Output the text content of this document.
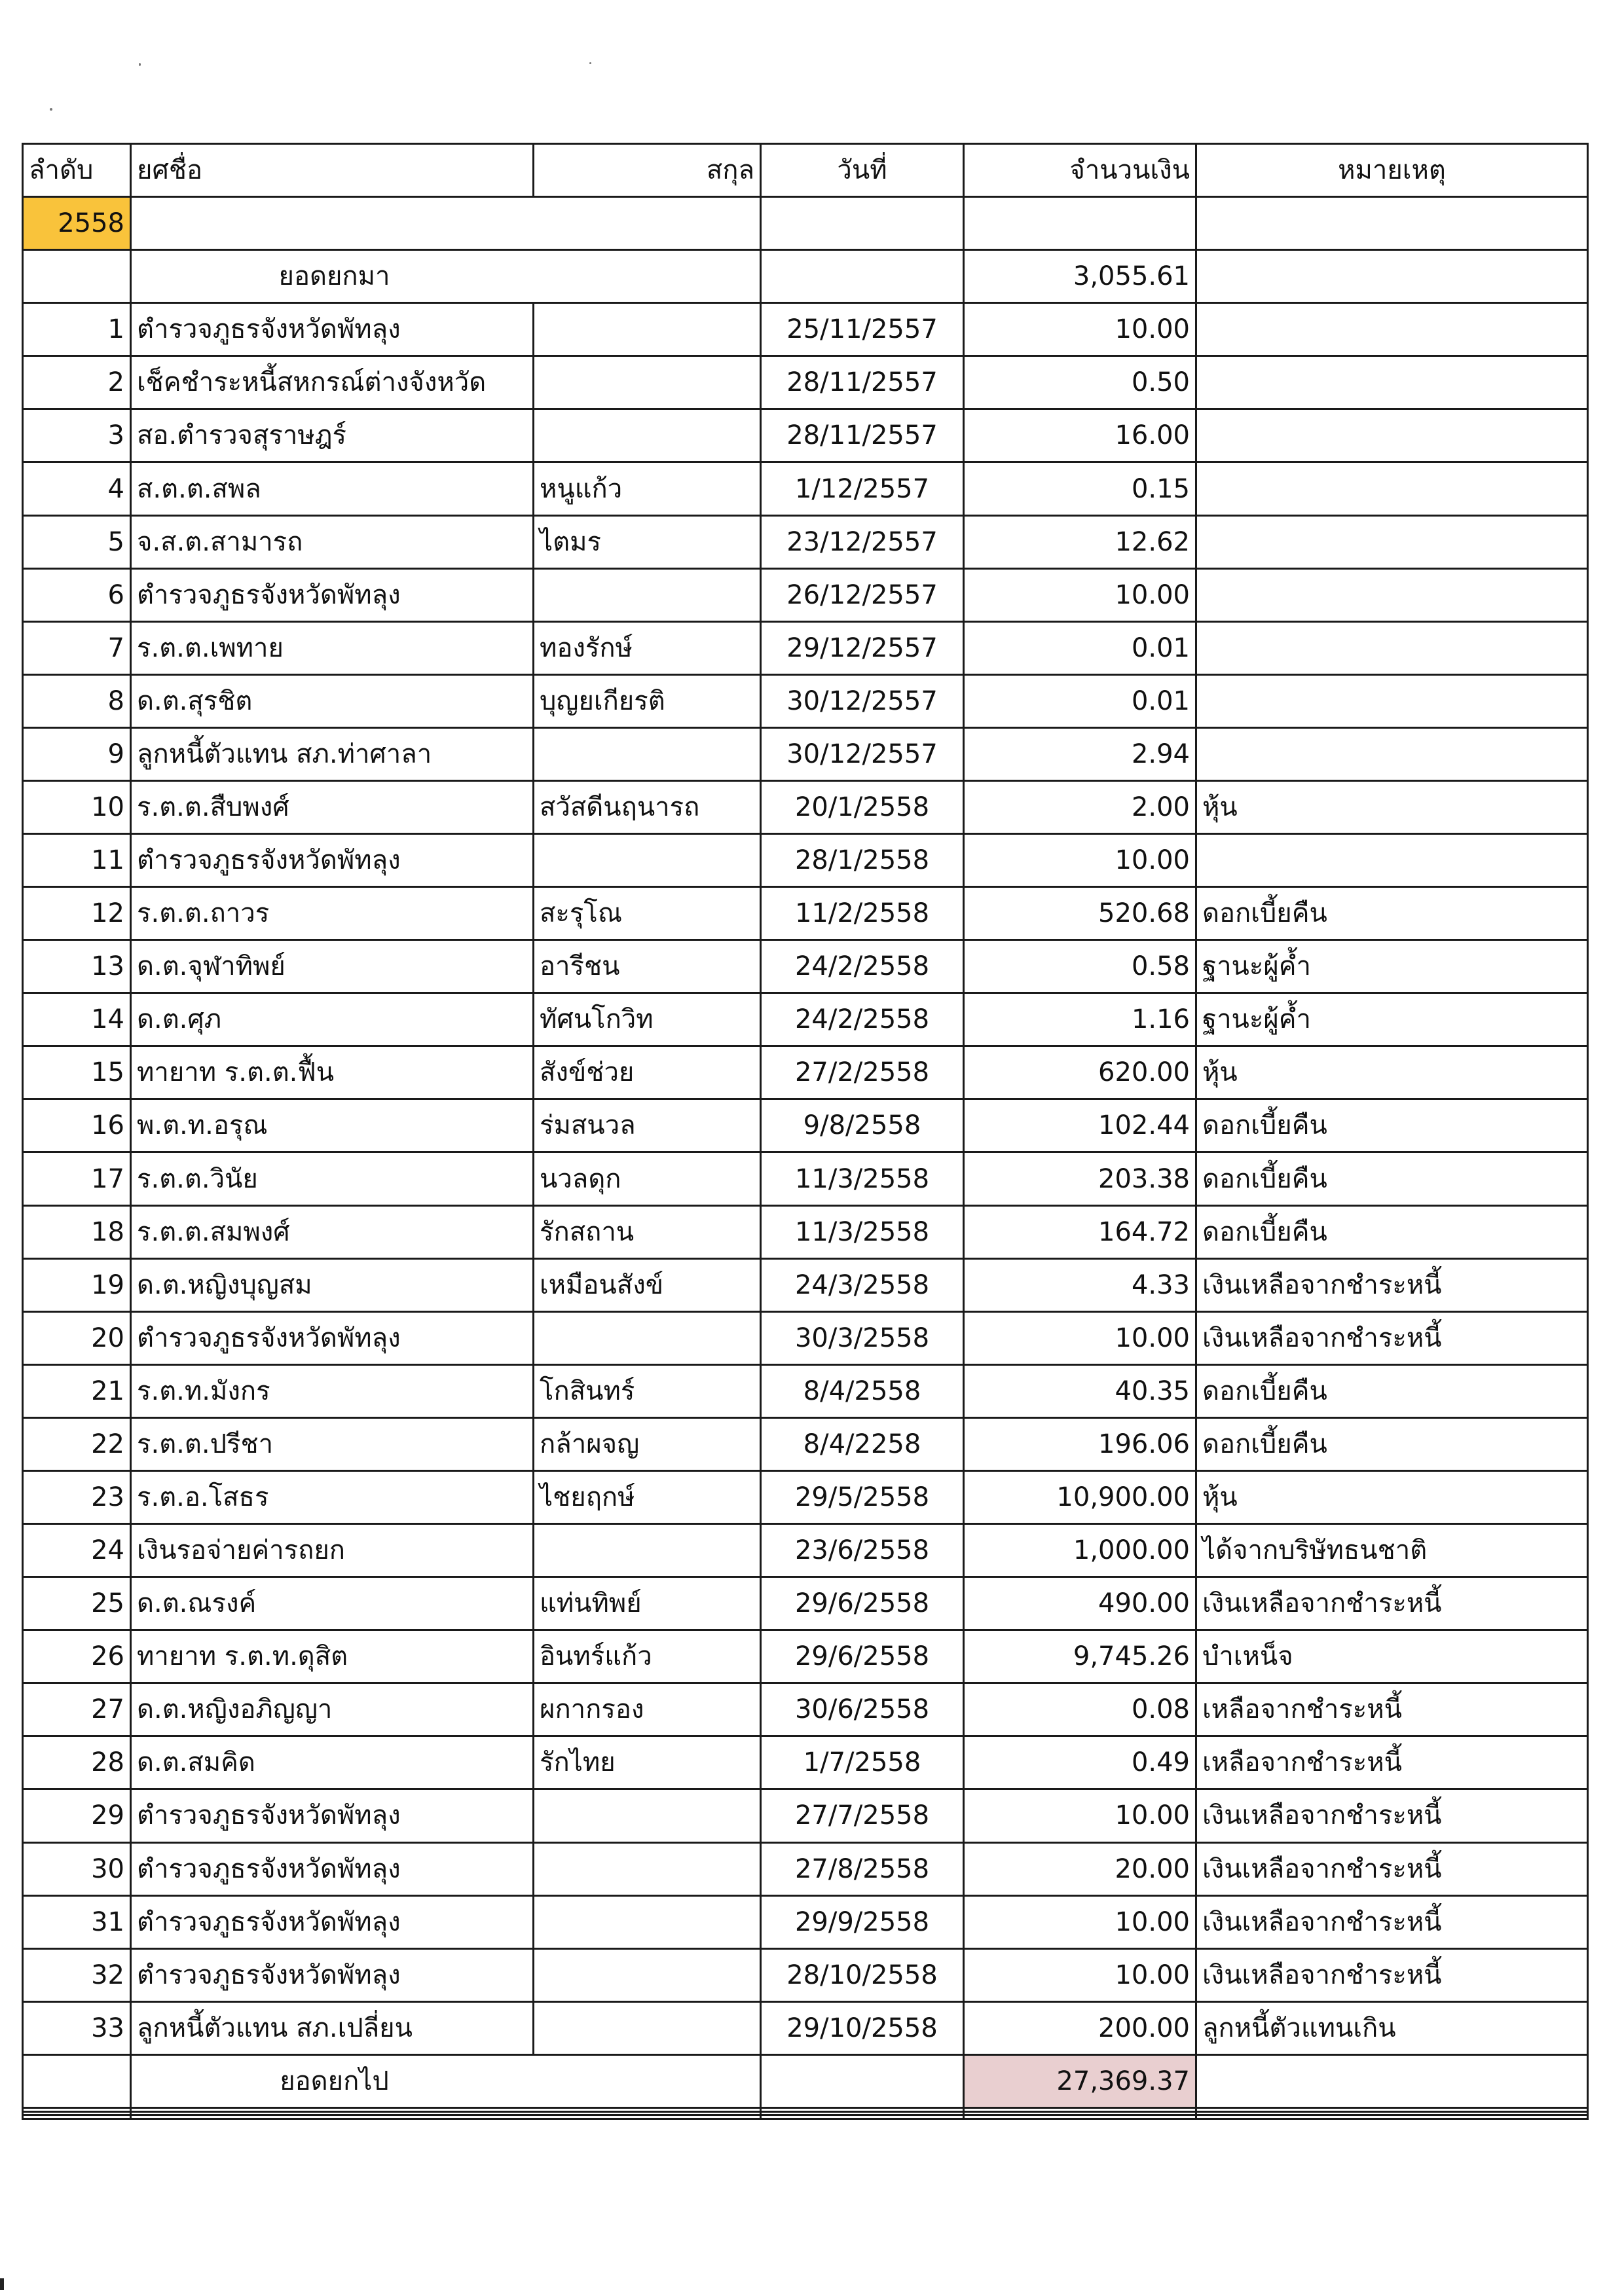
ลำดับ	ยศชื่อ	สกุล	วันที่	จำนวนเงิน	หมายเหตุ
2558					
	ยอดยกมา			3,055.61	
1	ตำรวจภูธรจังหวัดพัทลุง		25/11/2557	10.00	
2	เช็คชำระหนี้สหกรณ์ต่างจังหวัด		28/11/2557	0.50	
3	สอ.ตำรวจสุราษฎร์		28/11/2557	16.00	
4	ส.ต.ต.สพล	หนูแก้ว	1/12/2557	0.15	
5	จ.ส.ต.สามารถ	ไตมร	23/12/2557	12.62	
6	ตำรวจภูธรจังหวัดพัทลุง		26/12/2557	10.00	
7	ร.ต.ต.เพทาย	ทองรักษ์	29/12/2557	0.01	
8	ด.ต.สุรชิต	บุญยเกียรติ	30/12/2557	0.01	
9	ลูกหนี้ตัวแทน สภ.ท่าศาลา		30/12/2557	2.94	
10	ร.ต.ต.สืบพงศ์	สวัสดีนฤนารถ	20/1/2558	2.00	หุ้น
11	ตำรวจภูธรจังหวัดพัทลุง		28/1/2558	10.00	
12	ร.ต.ต.ถาวร	สะรุโณ	11/2/2558	520.68	ดอกเบี้ยคืน
13	ด.ต.จุฬาทิพย์	อารีชน	24/2/2558	0.58	ฐานะผู้ค้ำ
14	ด.ต.ศุภ	ทัศนโกวิท	24/2/2558	1.16	ฐานะผู้ค้ำ
15	ทายาท ร.ต.ต.ฟื้น	สังข์ช่วย	27/2/2558	620.00	หุ้น
16	พ.ต.ท.อรุณ	ร่มสนวล	9/8/2558	102.44	ดอกเบี้ยคืน
17	ร.ต.ต.วินัย	นวลดุก	11/3/2558	203.38	ดอกเบี้ยคืน
18	ร.ต.ต.สมพงศ์	รักสถาน	11/3/2558	164.72	ดอกเบี้ยคืน
19	ด.ต.หญิงบุญสม	เหมือนสังข์	24/3/2558	4.33	เงินเหลือจากชำระหนี้
20	ตำรวจภูธรจังหวัดพัทลุง		30/3/2558	10.00	เงินเหลือจากชำระหนี้
21	ร.ต.ท.มังกร	โกสินทร์	8/4/2558	40.35	ดอกเบี้ยคืน
22	ร.ต.ต.ปรีชา	กล้าผจญ	8/4/2258	196.06	ดอกเบี้ยคืน
23	ร.ต.อ.โสธร	ไชยฤกษ์	29/5/2558	10,900.00	หุ้น
24	เงินรอจ่ายค่ารถยก		23/6/2558	1,000.00	ได้จากบริษัทธนชาติ
25	ด.ต.ณรงค์	แท่นทิพย์	29/6/2558	490.00	เงินเหลือจากชำระหนี้
26	ทายาท ร.ต.ท.ดุสิต	อินทร์แก้ว	29/6/2558	9,745.26	บำเหน็จ
27	ด.ต.หญิงอภิญญา	ผกากรอง	30/6/2558	0.08	เหลือจากชำระหนี้
28	ด.ต.สมคิด	รักไทย	1/7/2558	0.49	เหลือจากชำระหนี้
29	ตำรวจภูธรจังหวัดพัทลุง		27/7/2558	10.00	เงินเหลือจากชำระหนี้
30	ตำรวจภูธรจังหวัดพัทลุง		27/8/2558	20.00	เงินเหลือจากชำระหนี้
31	ตำรวจภูธรจังหวัดพัทลุง		29/9/2558	10.00	เงินเหลือจากชำระหนี้
32	ตำรวจภูธรจังหวัดพัทลุง		28/10/2558	10.00	เงินเหลือจากชำระหนี้
33	ลูกหนี้ตัวแทน สภ.เปลี่ยน		29/10/2558	200.00	ลูกหนี้ตัวแทนเกิน
	ยอดยกไป			27,369.37	
